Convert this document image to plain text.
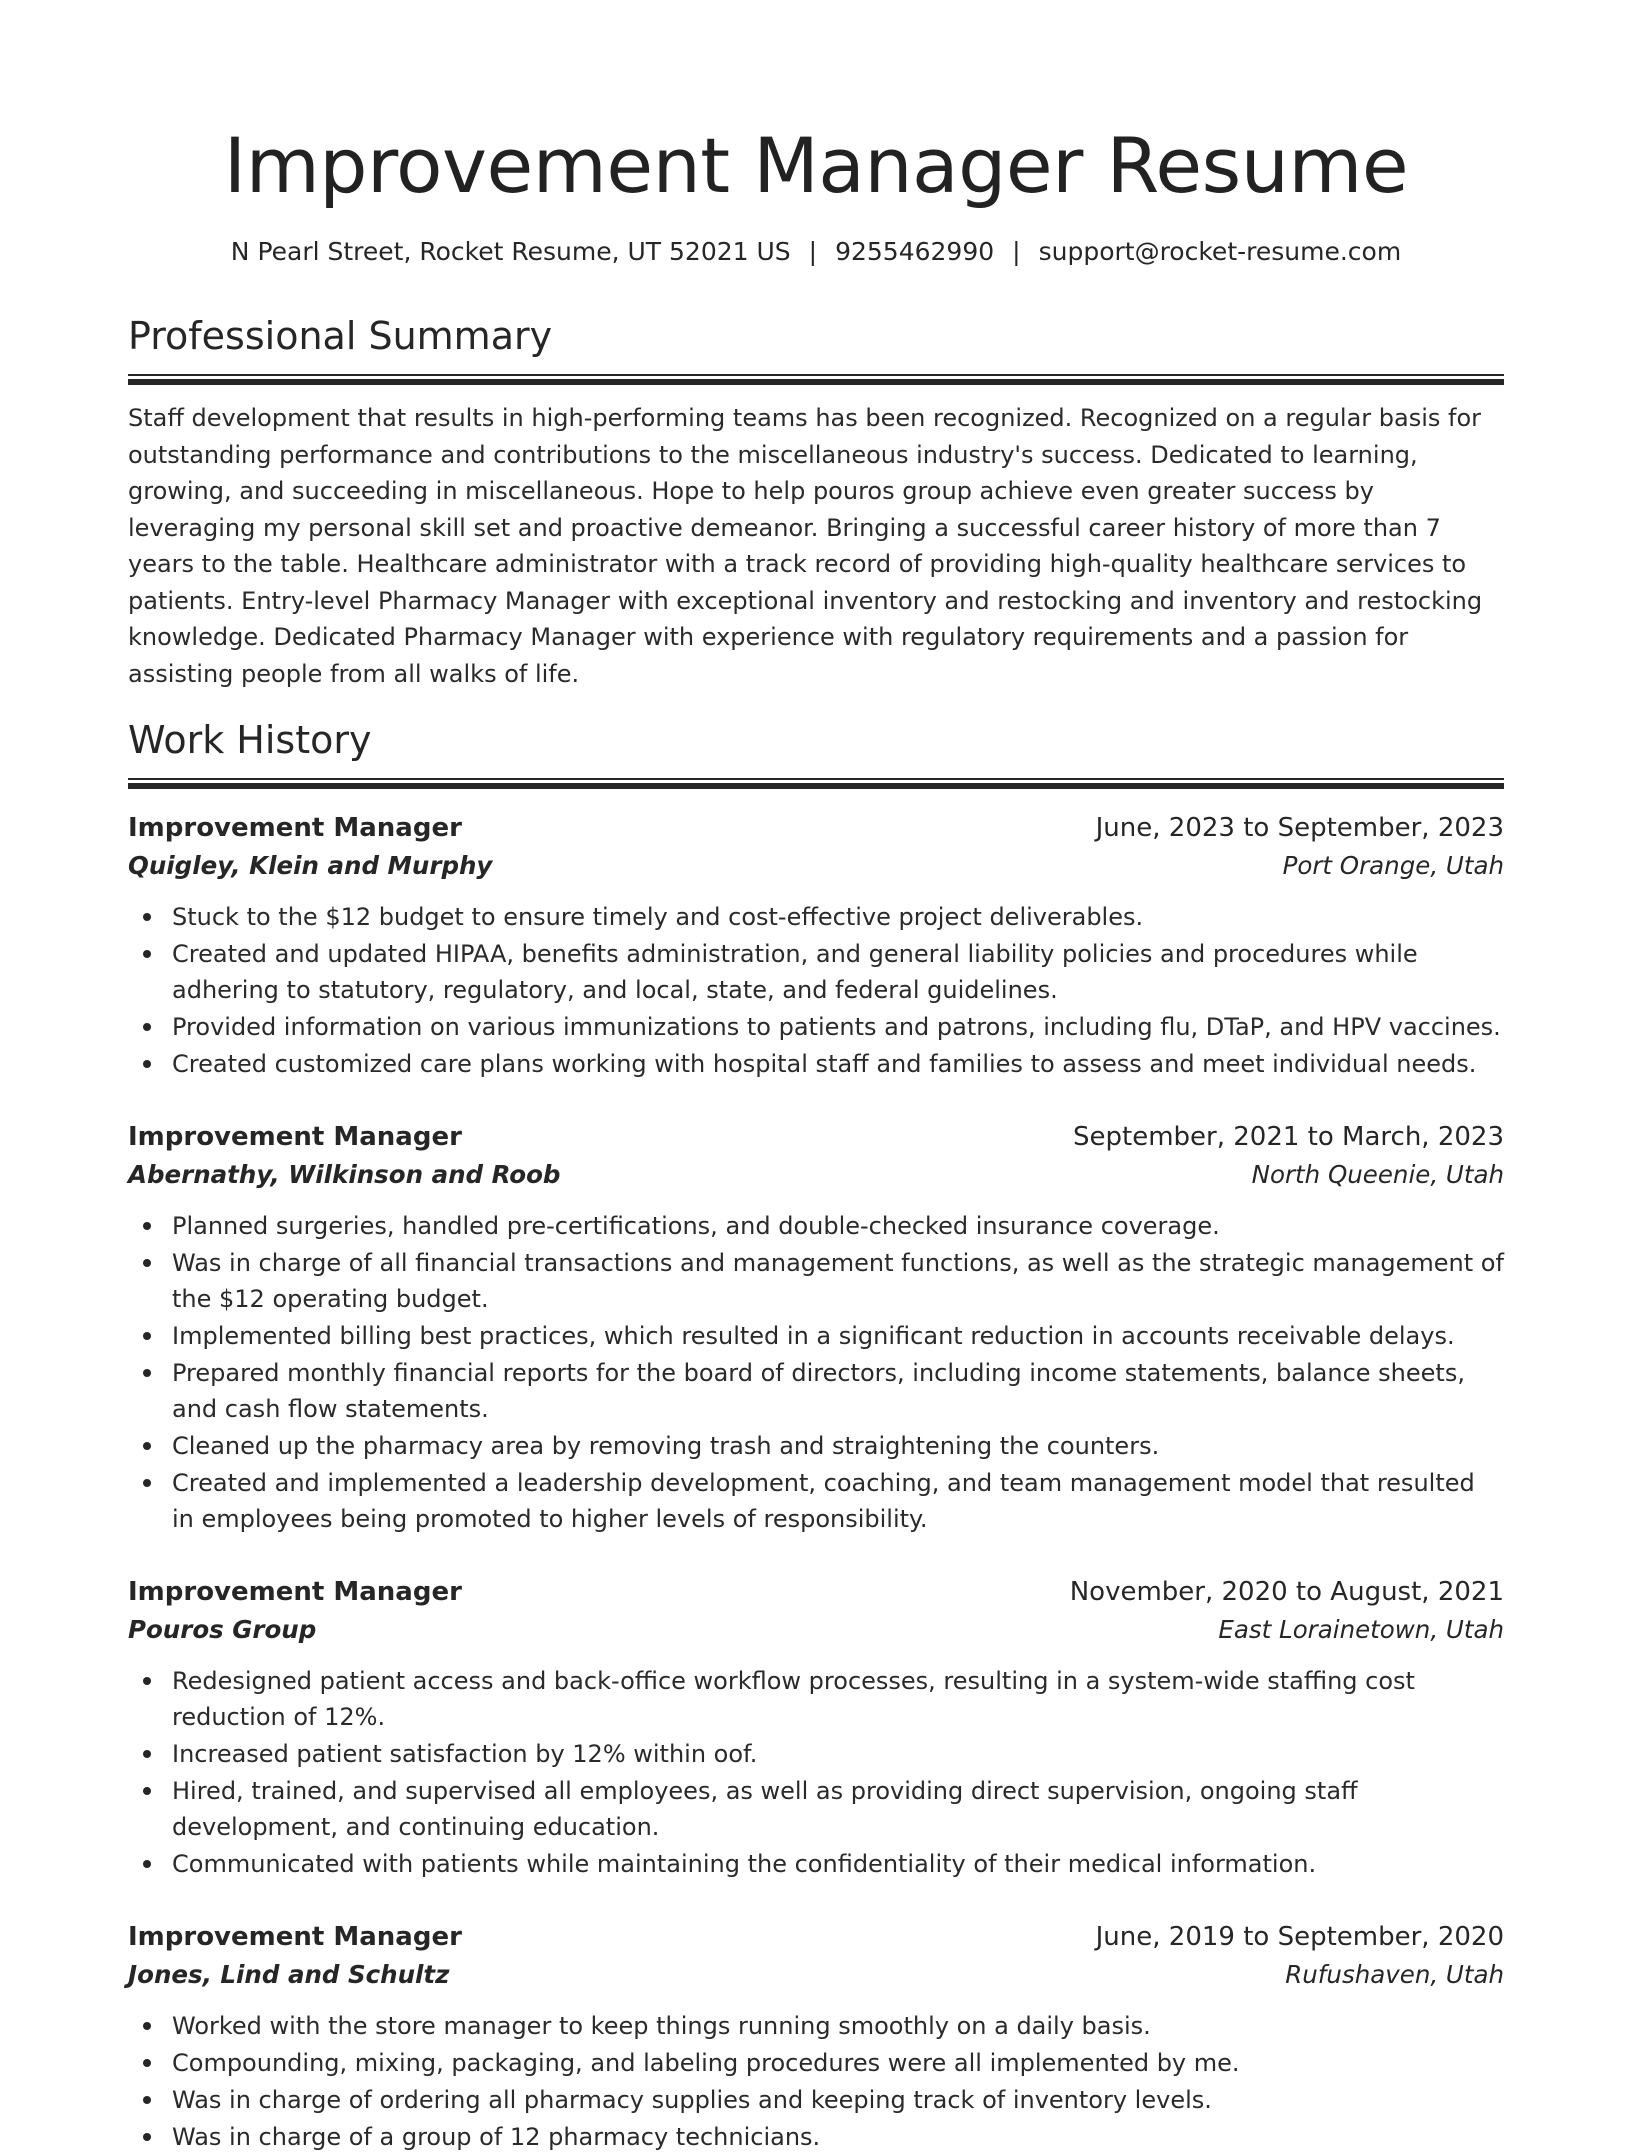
Improvement Manager Resume
N Pearl Street, Rocket Resume, UT 52021 US | 9255462990 | support@rocket-resume.com
Professional Summary

Staff development that results in high-performing teams has been recognized. Recognized on a regular basis for outstanding performance and contributions to the miscellaneous industry's success. Dedicated to learning, growing, and succeeding in miscellaneous. Hope to help pouros group achieve even greater success by leveraging my personal skill set and proactive demeanor. Bringing a successful career history of more than 7 years to the table. Healthcare administrator with a track record of providing high-quality healthcare services to patients. Entry-level Pharmacy Manager with exceptional inventory and restocking and inventory and restocking knowledge. Dedicated Pharmacy Manager with experience with regulatory requirements and a passion for assisting people from all walks of life.

Work History
Improvement Manager	June, 2023 to September, 2023
Quigley, Klein and Murphy	Port Orange, Utah
Stuck to the $12 budget to ensure timely and cost-effective project deliverables.
Created and updated HIPAA, benefits administration, and general liability policies and procedures while adhering to statutory, regulatory, and local, state, and federal guidelines.
Provided information on various immunizations to patients and patrons, including flu, DTaP, and HPV vaccines.
Created customized care plans working with hospital staff and families to assess and meet individual needs.
Improvement Manager	September, 2021 to March, 2023
Abernathy, Wilkinson and Roob	North Queenie, Utah
Planned surgeries, handled pre-certifications, and double-checked insurance coverage.
Was in charge of all financial transactions and management functions, as well as the strategic management of the $12 operating budget.
Implemented billing best practices, which resulted in a significant reduction in accounts receivable delays.
Prepared monthly financial reports for the board of directors, including income statements, balance sheets, and cash flow statements.
Cleaned up the pharmacy area by removing trash and straightening the counters.
Created and implemented a leadership development, coaching, and team management model that resulted in employees being promoted to higher levels of responsibility.
Improvement Manager	November, 2020 to August, 2021
Pouros Group	East Lorainetown, Utah
Redesigned patient access and back-office workflow processes, resulting in a system-wide staffing cost reduction of 12%.
Increased patient satisfaction by 12% within oof.
Hired, trained, and supervised all employees, as well as providing direct supervision, ongoing staff development, and continuing education.
Communicated with patients while maintaining the confidentiality of their medical information.
Improvement Manager	June, 2019 to September, 2020
Jones, Lind and Schultz	Rufushaven, Utah
Worked with the store manager to keep things running smoothly on a daily basis.
Compounding, mixing, packaging, and labeling procedures were all implemented by me.
Was in charge of ordering all pharmacy supplies and keeping track of inventory levels.
Was in charge of a group of 12 pharmacy technicians.
